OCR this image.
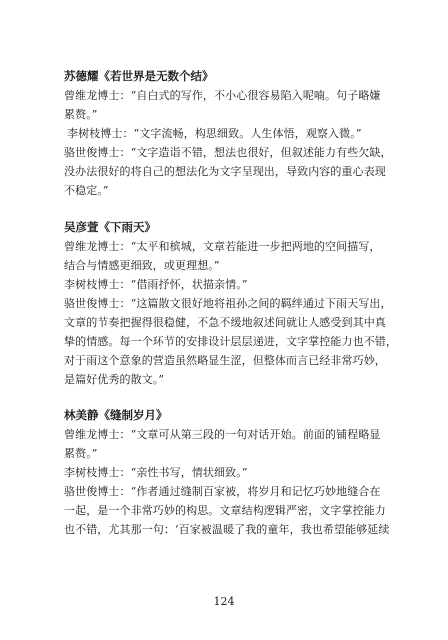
苏德耀《若世界是无数个结》
曾维龙博士：“自白式的写作，不小心很容易陷入呢喃。句子略嫌
累赘。”
李树枝博士：“文字流畅，构思细致。人生体悟，观察入微。”
骆世俊博士：“文字造诣不错，想法也很好，但叙述能力有些欠缺，
没办法很好的将自己的想法化为文字呈现出，导致内容的重心表现
不稳定。”
吴彦萱《下雨天》
曾维龙博士：“太平和槟城，文章若能进一步把两地的空间描写，
结合与情感更细致，或更理想。”
李树枝博士：“借雨抒怀，状描亲情。”
骆世俊博士：“这篇散文很好地将祖孙之间的羁绊通过下雨天写出，
文章的节奏把握得很稳健，不急不缓地叙述间就让人感受到其中真
挚的情感。每一个环节的安排设计层层递进，文字掌控能力也不错，
对于雨这个意象的营造虽然略显生涩，但整体而言已经非常巧妙，
是篇好优秀的散文。”
林美静《缝制岁月》
曾维龙博士：“文章可从第三段的一句对话开始。前面的铺程略显
累赘。”
李树枝博士：“亲性书写，情状细致。”
骆世俊博士：“作者通过缝制百家被，将岁月和记忆巧妙地缝合在
一起，是一个非常巧妙的构思。文章结构逻辑严密，文字掌控能力
也不错，尤其那一句：‘百家被温暖了我的童年，我也希望能够延续
124
